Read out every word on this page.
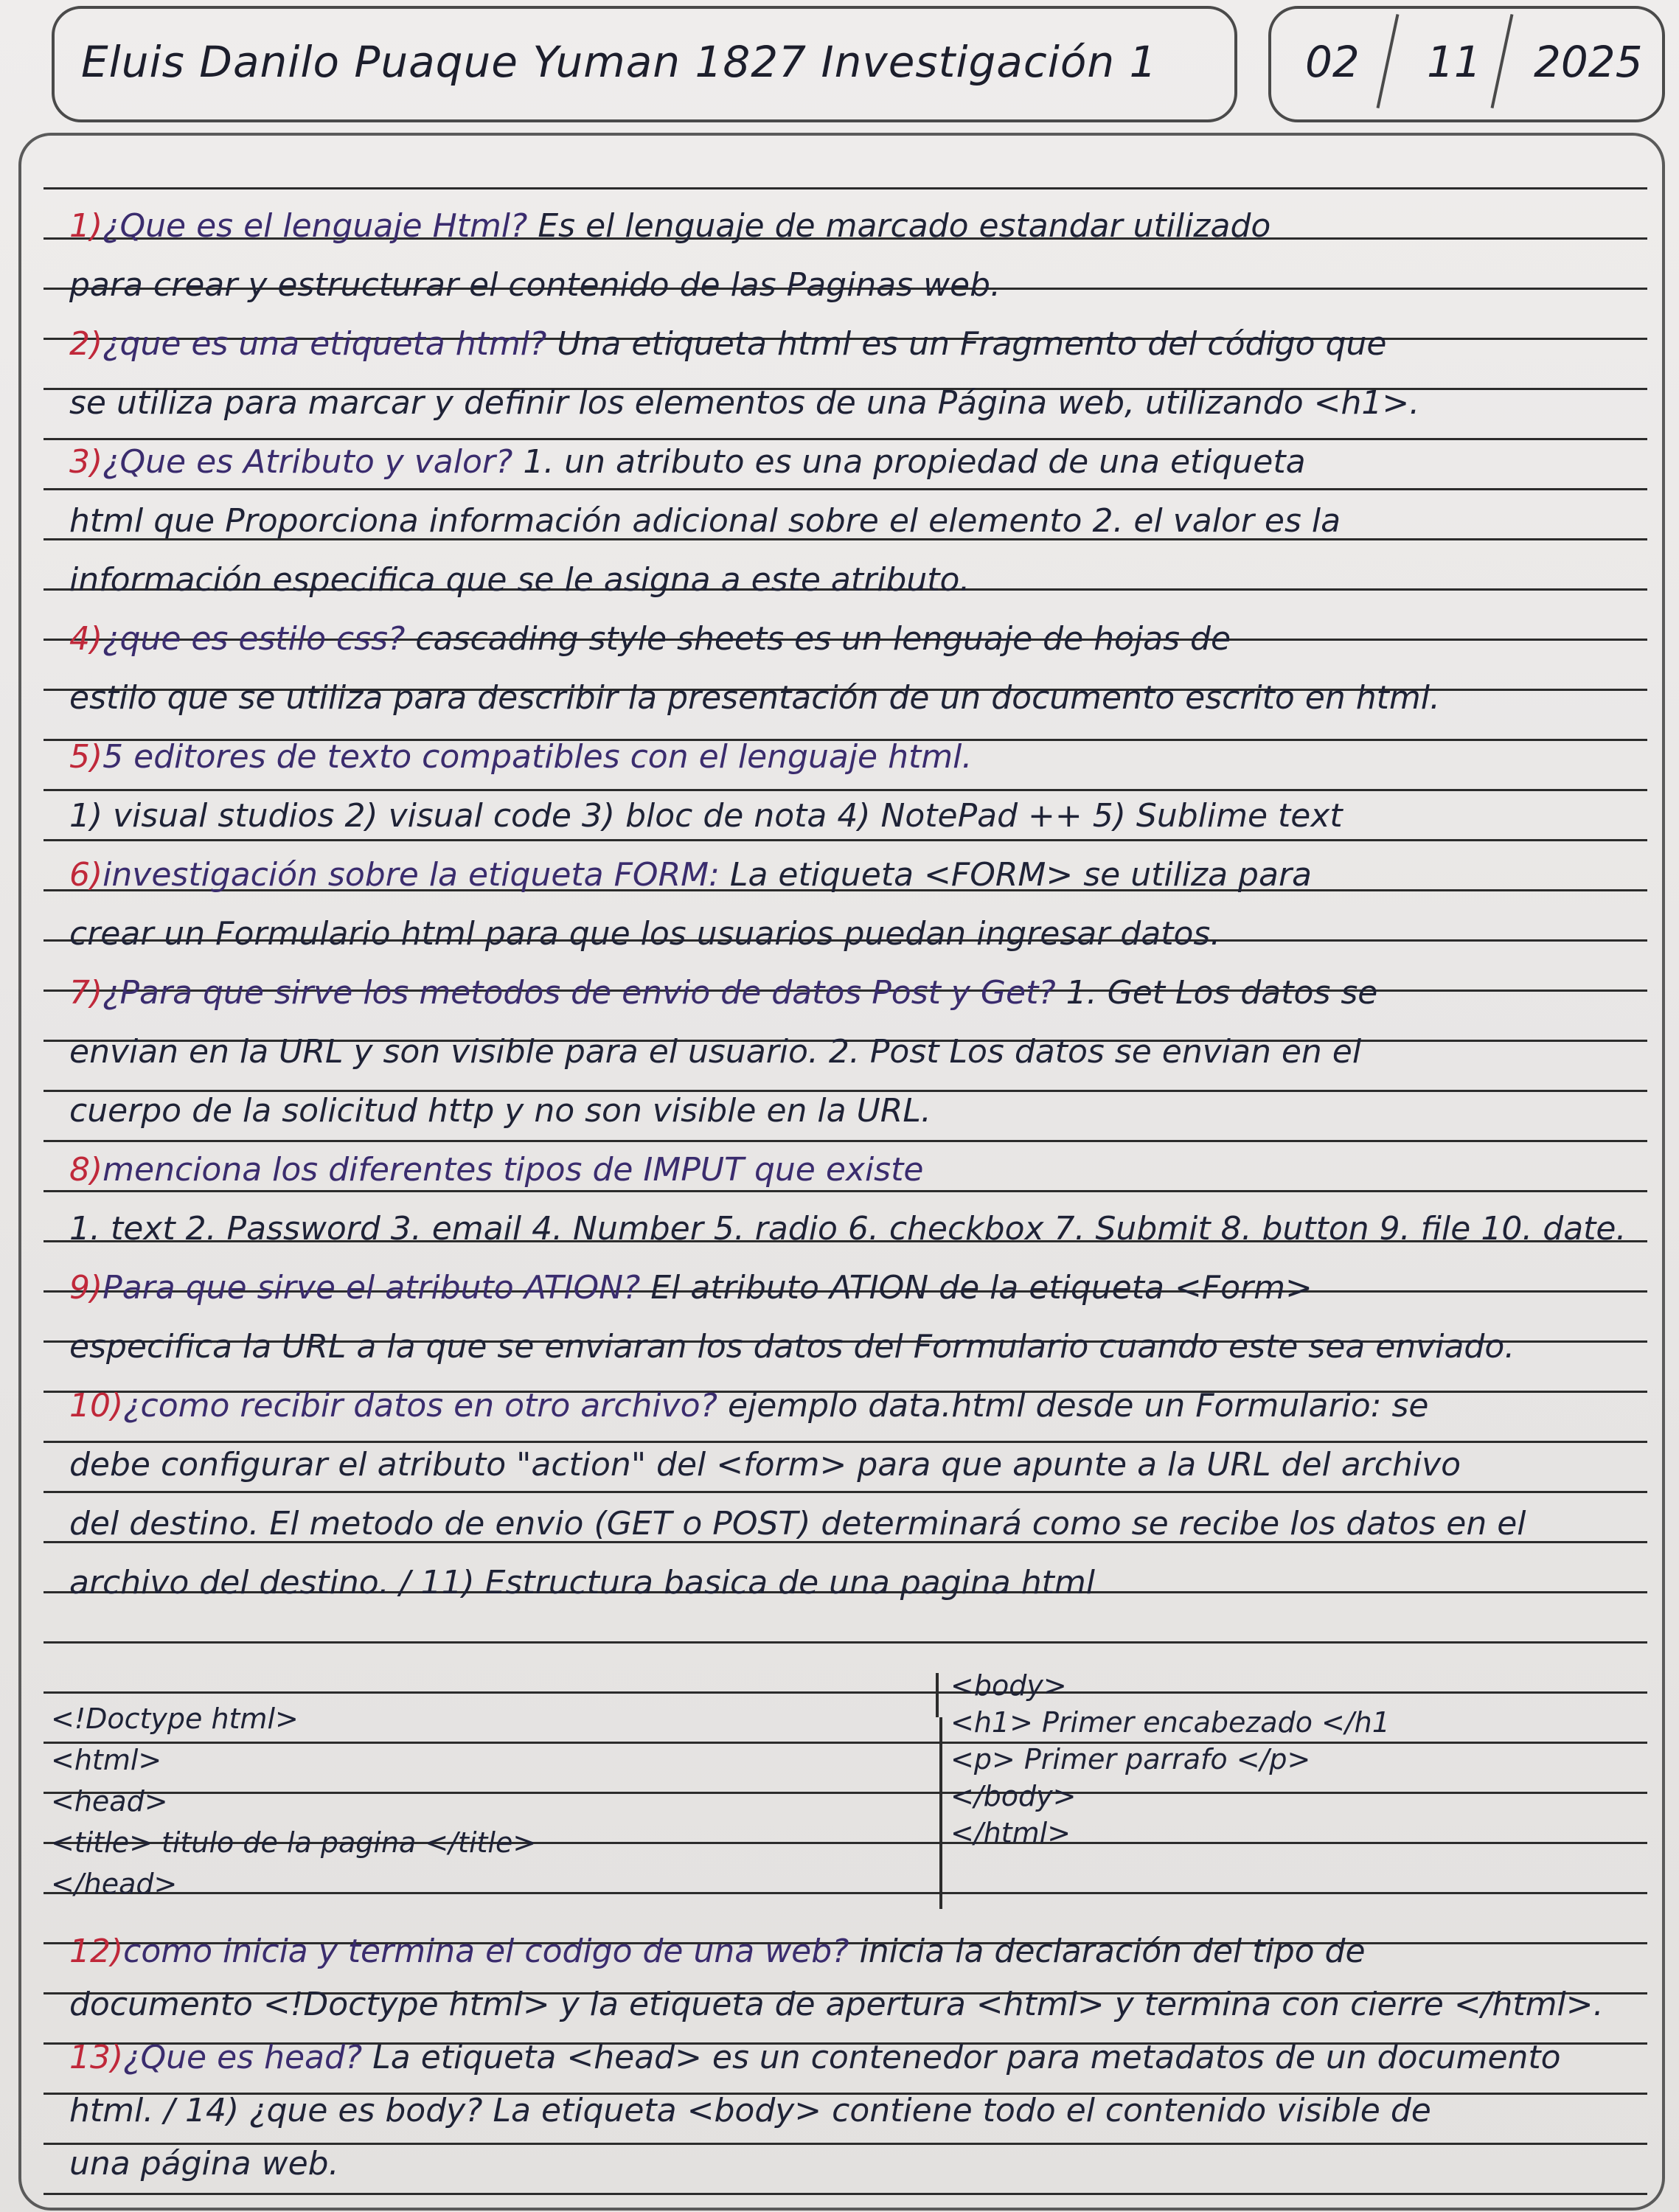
Eluis Danilo Puaque Yuman 1827 Investigación 1	02 11 2025
1)¿Que es el lenguaje Html? Es el lenguaje de marcado estandar utilizado
para crear y estructurar el contenido de las Paginas web.
2)¿que es una etiqueta html? Una etiqueta html es un Fragmento del código que
se utiliza para marcar y definir los elementos de una Página web, utilizando <h1>.
3)¿Que es Atributo y valor? 1. un atributo es una propiedad de una etiqueta
html que Proporciona información adicional sobre el elemento 2. el valor es la
información especifica que se le asigna a este atributo.
4)¿que es estilo css? cascading style sheets es un lenguaje de hojas de
estilo que se utiliza para describir la presentación de un documento escrito en html.
5)5 editores de texto compatibles con el lenguaje html.
1) visual studios 2) visual code 3) bloc de nota 4) NotePad ++ 5) Sublime text
6)investigación sobre la etiqueta FORM: La etiqueta <FORM> se utiliza para
crear un Formulario html para que los usuarios puedan ingresar datos.
7)¿Para que sirve los metodos de envio de datos Post y Get? 1. Get Los datos se
envian en la URL y son visible para el usuario. 2. Post Los datos se envian en el
cuerpo de la solicitud http y no son visible en la URL.
8)menciona los diferentes tipos de IMPUT que existe
1. text 2. Password 3. email 4. Number 5. radio 6. checkbox 7. Submit 8. button 9. file 10. date.
9)Para que sirve el atributo ATION? El atributo ATION de la etiqueta <Form>
especifica la URL a la que se enviaran los datos del Formulario cuando este sea enviado.
10)¿como recibir datos en otro archivo? ejemplo data.html desde un Formulario: se
debe configurar el atributo "action" del <form> para que apunte a la URL del archivo
del destino. El metodo de envio (GET o POST) determinará como se recibe los datos en el
archivo del destino. / 11) Estructura basica de una pagina html
<!Doctype html>
<html>
<head>
<title> titulo de la pagina </title>
</head>
<body>
<h1> Primer encabezado </h1
<p> Primer parrafo </p>
</body>
</html>
12)como inicia y termina el codigo de una web? inicia la declaración del tipo de
documento <!Doctype html> y la etiqueta de apertura <html> y termina con cierre </html>.
13)¿Que es head? La etiqueta <head> es un contenedor para metadatos de un documento
html. / 14) ¿que es body? La etiqueta <body> contiene todo el contenido visible de
una página web.
